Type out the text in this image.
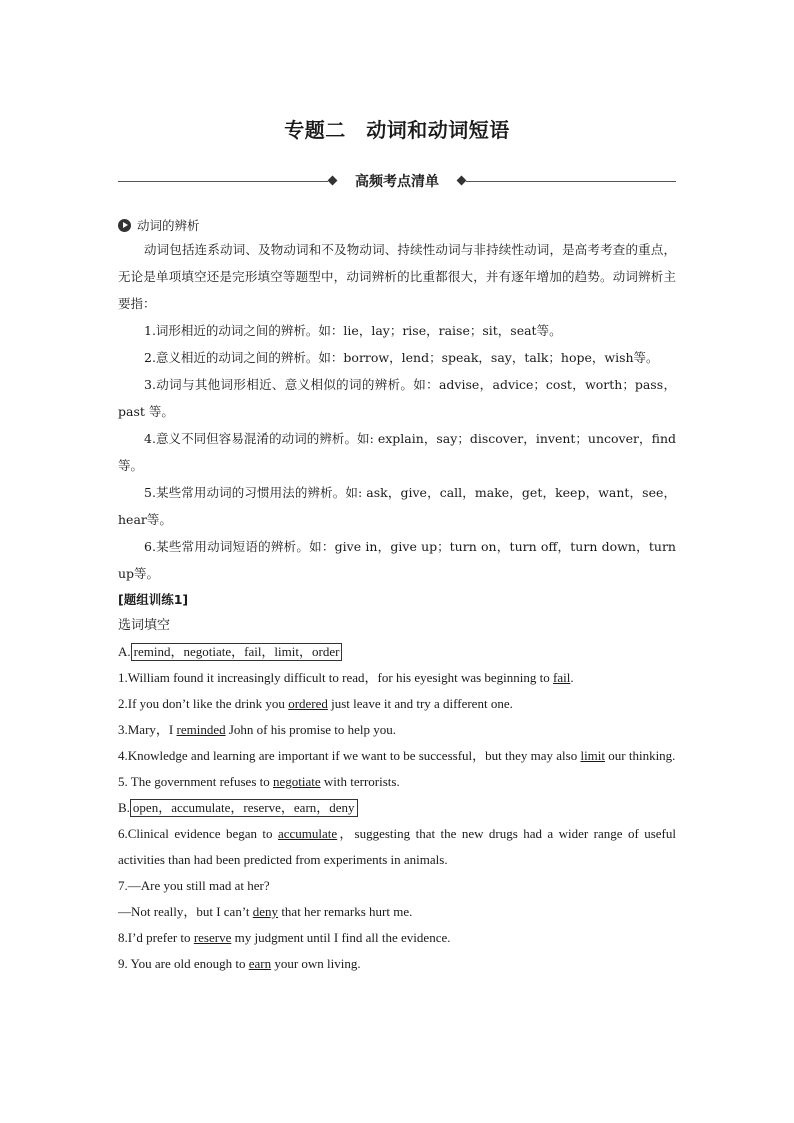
专题二　动词和动词短语
高频考点清单
动词的辨析

动词包括连系动词、及物动词和不及物动词、持续性动词与非持续性动词，是高考考查的重点，无论是单项填空还是完形填空等题型中，动词辨析的比重都很大，并有逐年增加的趋势。动词辨析主要指：

1.词形相近的动词之间的辨析。如：lie，lay；rise，raise；sit，seat等。

2.意义相近的动词之间的辨析。如：borrow，lend；speak，say，talk；hope，wish等。

3.动词与其他词形相近、意义相似的词的辨析。如：advise，advice；cost，worth；pass，past 等。

4.意义不同但容易混淆的动词的辨析。如: explain，say；discover，invent；uncover，find等。

5.某些常用动词的习惯用法的辨析。如: ask，give，call，make，get，keep，want，see，hear等。

6.某些常用动词短语的辨析。如：give in，give up；turn on，turn off，turn down，turn up等。

[题组训练1]

选词填空

A. remind，negotiate，fail，limit，order

1.William found it increasingly difficult to read，for his eyesight was beginning to fail.

2.If you don’t like the drink you ordered just leave it and try a different one.

3.Mary，I reminded John of his promise to help you.

4.Knowledge and learning are important if we want to be successful，but they may also limit our thinking.

5. The government refuses to negotiate with terrorists.

B. open，accumulate，reserve，earn，deny

6.Clinical evidence began to accumulate，suggesting that the new drugs had a wider range of useful activities than had been predicted from experiments in animals.

7.—Are you still mad at her?

—Not really，but I can’t deny that her remarks hurt me.

8.I’d prefer to reserve my judgment until I find all the evidence.

9. You are old enough to earn your own living.
